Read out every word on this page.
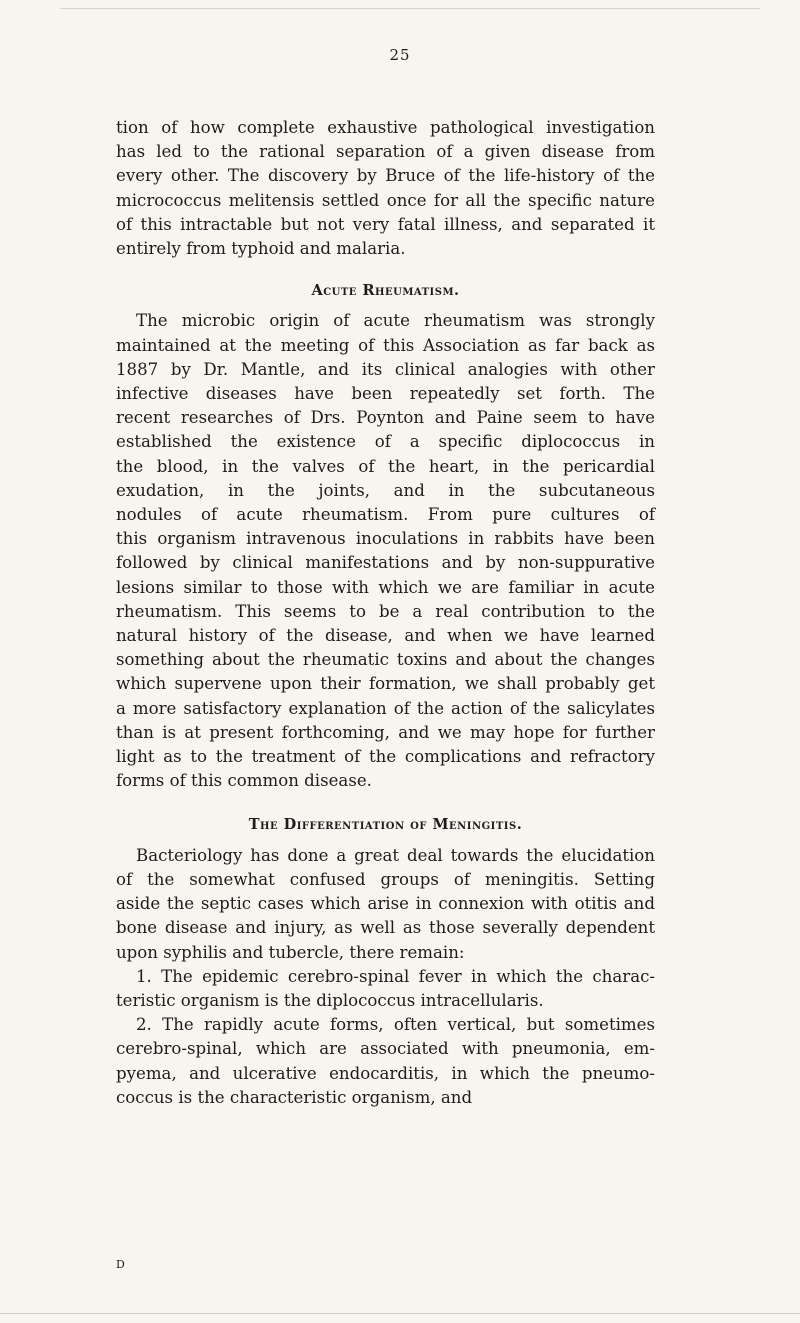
25

tion of how complete exhaustive pathological investigation

has led to the rational separation of a given disease from

every other. The discovery by Bruce of the life-history of the

micrococcus melitensis settled once for all the specific nature

of this intractable but not very fatal illness, and separated it

entirely from typhoid and malaria.

Acute Rheumatism.

The microbic origin of acute rheumatism was strongly

maintained at the meeting of this Association as far back as

1887 by Dr. Mantle, and its clinical analogies with other

infective diseases have been repeatedly set forth. The

recent researches of Drs. Poynton and Paine seem to have

established the existence of a specific diplococcus in

the blood, in the valves of the heart, in the pericardial

exudation, in the joints, and in the subcutaneous

nodules of acute rheumatism. From pure cultures of

this organism intravenous inoculations in rabbits have been

followed by clinical manifestations and by non-suppurative

lesions similar to those with which we are familiar in acute

rheumatism. This seems to be a real contribution to the

natural history of the disease, and when we have learned

something about the rheumatic toxins and about the changes

which supervene upon their formation, we shall probably get

a more satisfactory explanation of the action of the salicylates

than is at present forthcoming, and we may hope for further

light as to the treatment of the complications and refractory

forms of this common disease.

The Differentiation of Meningitis.

Bacteriology has done a great deal towards the elucidation

of the somewhat confused groups of meningitis. Setting

aside the septic cases which arise in connexion with otitis and

bone disease and injury, as well as those severally dependent

upon syphilis and tubercle, there remain:

1. The epidemic cerebro-spinal fever in which the charac-

teristic organism is the diplococcus intracellularis.

2. The rapidly acute forms, often vertical, but sometimes

cerebro-spinal, which are associated with pneumonia, em-

pyema, and ulcerative endocarditis, in which the pneumo-

coccus is the characteristic organism, and

D
